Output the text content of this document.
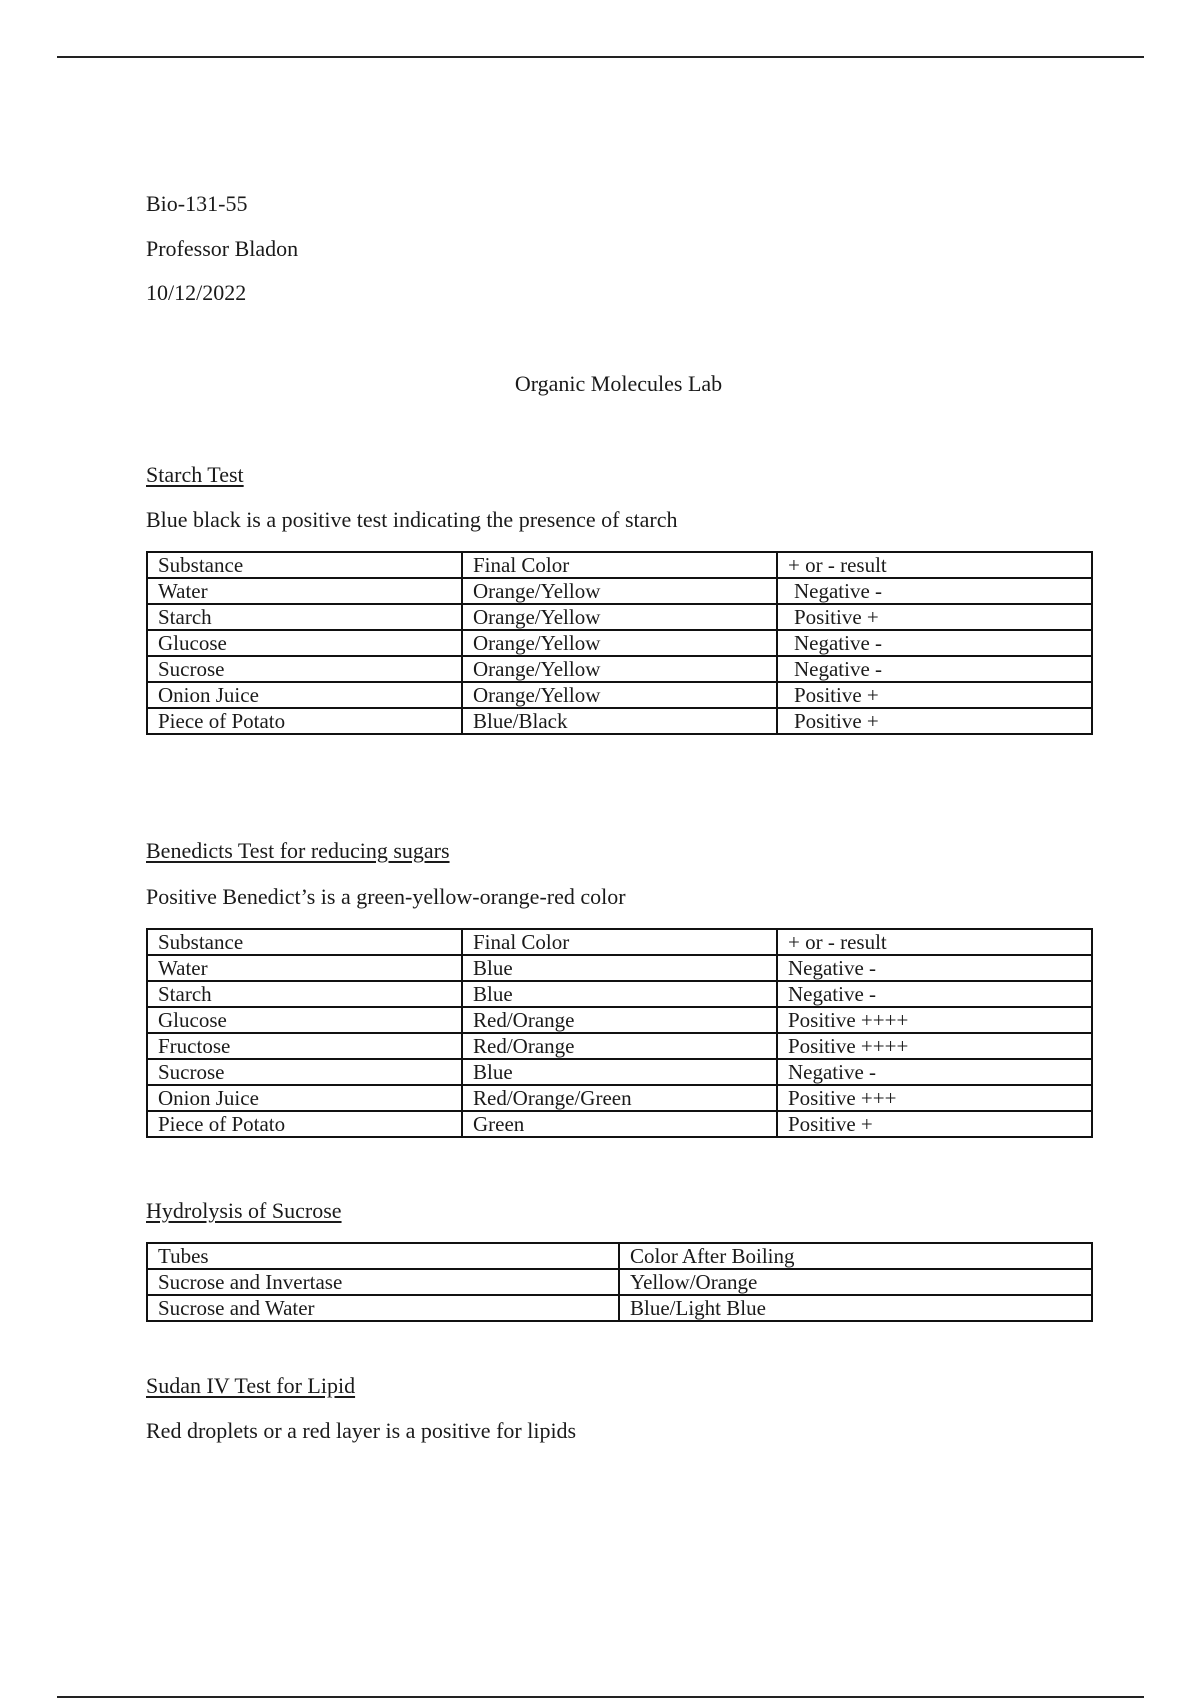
Bio-131-55
Professor Bladon
10/12/2022
Organic Molecules Lab
Starch Test
Blue black is a positive test indicating the presence of starch
Substance	Final Color	+ or - result
Water	Orange/Yellow	Negative -
Starch	Orange/Yellow	Positive +
Glucose	Orange/Yellow	Negative -
Sucrose	Orange/Yellow	Negative -
Onion Juice	Orange/Yellow	Positive +
Piece of Potato	Blue/Black	Positive +
Benedicts Test for reducing sugars
Positive Benedict’s is a green-yellow-orange-red color
Substance	Final Color	+ or - result
Water	Blue	Negative -
Starch	Blue	Negative -
Glucose	Red/Orange	Positive ++++
Fructose	Red/Orange	Positive ++++
Sucrose	Blue	Negative -
Onion Juice	Red/Orange/Green	Positive +++
Piece of Potato	Green	Positive +
Hydrolysis of Sucrose
Tubes	Color After Boiling
Sucrose and Invertase	Yellow/Orange
Sucrose and Water	Blue/Light Blue
Sudan IV Test for Lipid
Red droplets or a red layer is a positive for lipids
